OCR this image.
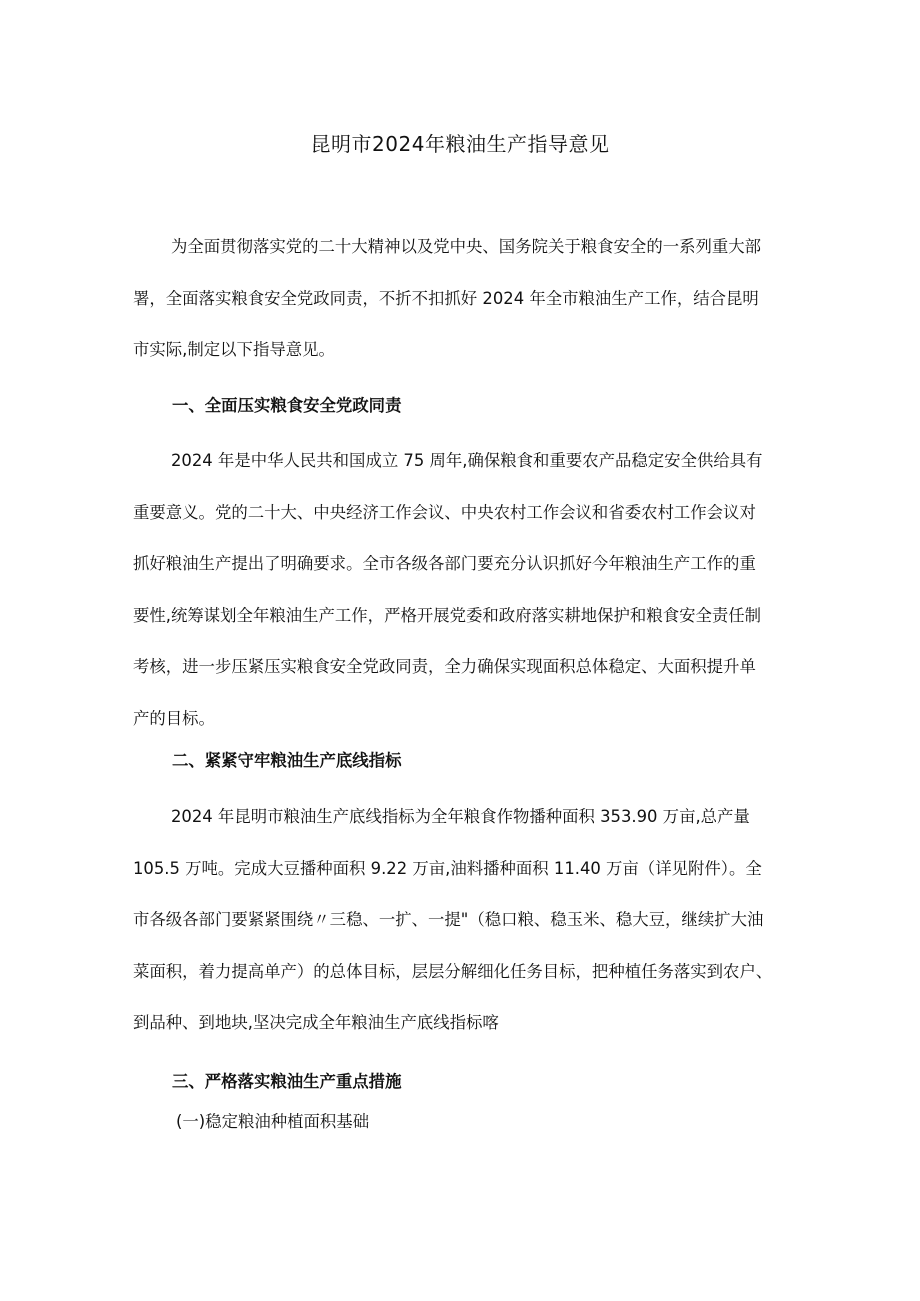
昆明市2024年粮油生产指导意见
为全面贯彻落实党的二十大精神以及党中央、国务院关于粮食安全的一系列重大部
署，全面落实粮食安全党政同责，不折不扣抓好 2024 年全市粮油生产工作，结合昆明
市实际,制定以下指导意见。
一、全面压实粮食安全党政同责
2024 年是中华人民共和国成立 75 周年,确保粮食和重要农产品稳定安全供给具有
重要意义。党的二十大、中央经济工作会议、中央农村工作会议和省委农村工作会议对
抓好粮油生产提出了明确要求。全市各级各部门要充分认识抓好今年粮油生产工作的重
要性,统筹谋划全年粮油生产工作，严格开展党委和政府落实耕地保护和粮食安全责任制
考核，进一步压紧压实粮食安全党政同责，全力确保实现面积总体稳定、大面积提升单
产的目标。
二、紧紧守牢粮油生产底线指标
2024 年昆明市粮油生产底线指标为全年粮食作物播种面积 353.90 万亩,总产量
105.5 万吨。完成大豆播种面积 9.22 万亩,油料播种面积 11.40 万亩（详见附件）。全
市各级各部门要紧紧围绕〃三稳、一扩、一提"（稳口粮、稳玉米、稳大豆，继续扩大油
菜面积，着力提高单产）的总体目标，层层分解细化任务目标，把种植任务落实到农户、
到品种、到地块,坚决完成全年粮油生产底线指标喀
三、严格落实粮油生产重点措施
(一)稳定粮油种植面积基础
